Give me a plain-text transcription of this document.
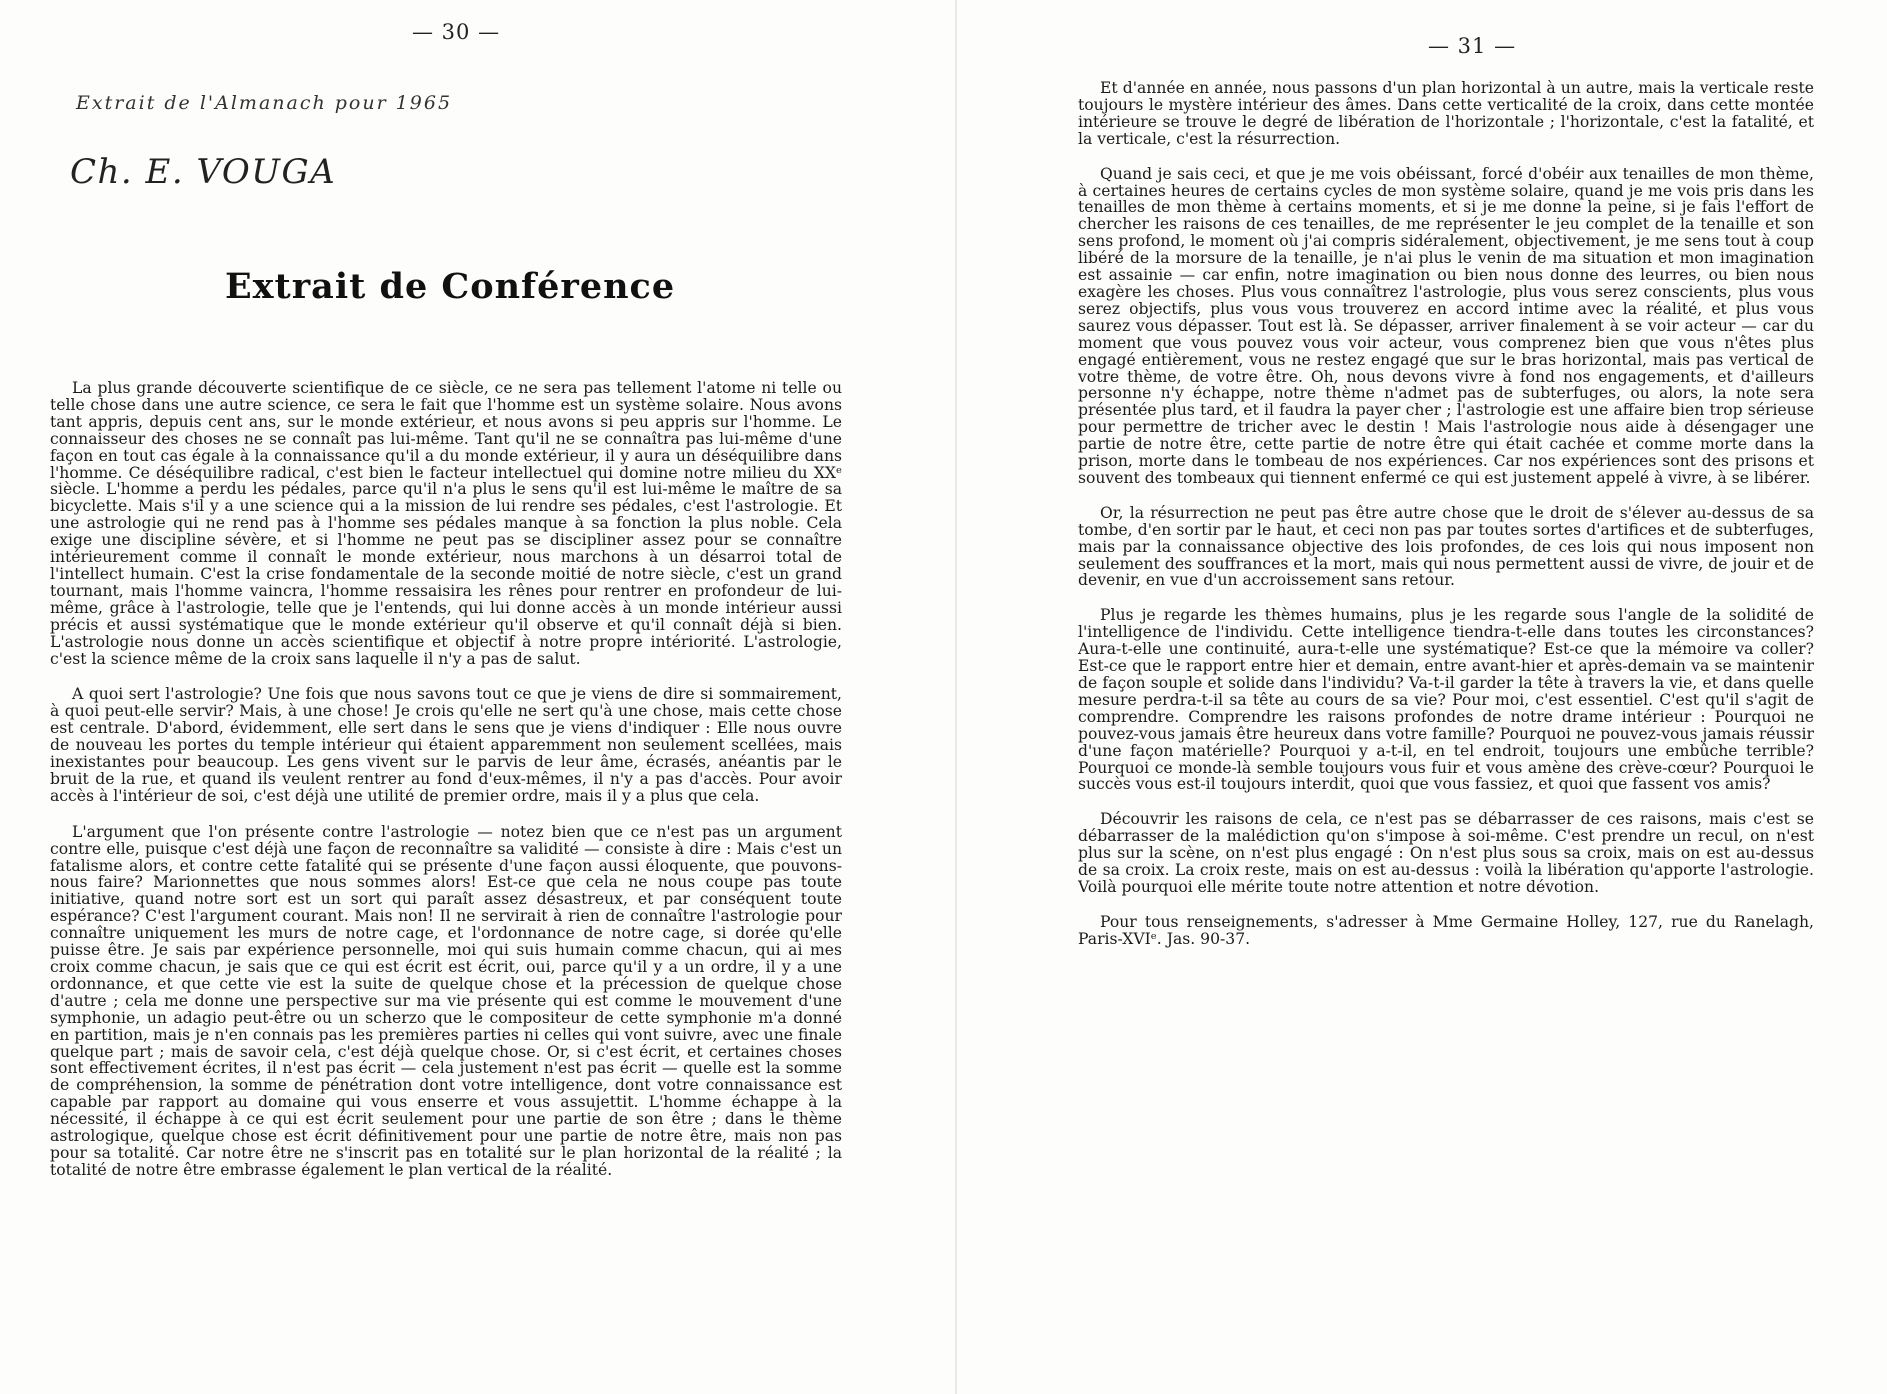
— 30 —
Extrait de l'Almanach pour 1965
Ch. E. VOUGA
Extrait de Conférence

La plus grande découverte scientifique de ce siècle, ce ne sera pas tellement l'atome ni telle ou telle chose dans une autre science, ce sera le fait que l'homme est un système solaire. Nous avons tant appris, depuis cent ans, sur le monde extérieur, et nous avons si peu appris sur l'homme. Le connaisseur des choses ne se connaît pas lui-même. Tant qu'il ne se connaîtra pas lui-même d'une façon en tout cas égale à la connaissance qu'il a du monde extérieur, il y aura un déséquilibre dans l'homme. Ce déséquilibre radical, c'est bien le facteur intellectuel qui domine notre milieu du XXᵉ siècle. L'homme a perdu les pédales, parce qu'il n'a plus le sens qu'il est lui-même le maître de sa bicyclette. Mais s'il y a une science qui a la mission de lui rendre ses pédales, c'est l'astrologie. Et une astrologie qui ne rend pas à l'homme ses pédales manque à sa fonction la plus noble. Cela exige une discipline sévère, et si l'homme ne peut pas se discipliner assez pour se connaître intérieurement comme il connaît le monde extérieur, nous marchons à un désarroi total de l'intellect humain. C'est la crise fondamentale de la seconde moitié de notre siècle, c'est un grand tournant, mais l'homme vaincra, l'homme ressaisira les rênes pour rentrer en profondeur de lui-même, grâce à l'astrologie, telle que je l'entends, qui lui donne accès à un monde intérieur aussi précis et aussi systématique que le monde extérieur qu'il observe et qu'il connaît déjà si bien. L'astrologie nous donne un accès scientifique et objectif à notre propre intériorité. L'astrologie, c'est la science même de la croix sans laquelle il n'y a pas de salut.

A quoi sert l'astrologie? Une fois que nous savons tout ce que je viens de dire si sommairement, à quoi peut-elle servir? Mais, à une chose! Je crois qu'elle ne sert qu'à une chose, mais cette chose est centrale. D'abord, évidemment, elle sert dans le sens que je viens d'indiquer : Elle nous ouvre de nouveau les portes du temple intérieur qui étaient apparemment non seulement scellées, mais inexistantes pour beaucoup. Les gens vivent sur le parvis de leur âme, écrasés, anéantis par le bruit de la rue, et quand ils veulent rentrer au fond d'eux-mêmes, il n'y a pas d'accès. Pour avoir accès à l'intérieur de soi, c'est déjà une utilité de premier ordre, mais il y a plus que cela.

L'argument que l'on présente contre l'astrologie — notez bien que ce n'est pas un argument contre elle, puisque c'est déjà une façon de reconnaître sa validité — consiste à dire : Mais c'est un fatalisme alors, et contre cette fatalité qui se présente d'une façon aussi éloquente, que pouvons-nous faire? Marionnettes que nous sommes alors! Est-ce que cela ne nous coupe pas toute initiative, quand notre sort est un sort qui paraît assez désastreux, et par conséquent toute espérance? C'est l'argument courant. Mais non! Il ne servirait à rien de connaître l'astrologie pour connaître uniquement les murs de notre cage, et l'ordonnance de notre cage, si dorée qu'elle puisse être. Je sais par expérience personnelle, moi qui suis humain comme chacun, qui ai mes croix comme chacun, je sais que ce qui est écrit est écrit, oui, parce qu'il y a un ordre, il y a une ordonnance, et que cette vie est la suite de quelque chose et la précession de quelque chose d'autre ; cela me donne une perspective sur ma vie présente qui est comme le mouvement d'une symphonie, un adagio peut-être ou un scherzo que le compositeur de cette symphonie m'a donné en partition, mais je n'en connais pas les premières parties ni celles qui vont suivre, avec une finale quelque part ; mais de savoir cela, c'est déjà quelque chose. Or, si c'est écrit, et certaines choses sont effectivement écrites, il n'est pas écrit — cela justement n'est pas écrit — quelle est la somme de compréhension, la somme de pénétration dont votre intelligence, dont votre connaissance est capable par rapport au domaine qui vous enserre et vous assujettit. L'homme échappe à la nécessité, il échappe à ce qui est écrit seulement pour une partie de son être ; dans le thème astrologique, quelque chose est écrit définitivement pour une partie de notre être, mais non pas pour sa totalité. Car notre être ne s'inscrit pas en totalité sur le plan horizontal de la réalité ; la totalité de notre être embrasse également le plan vertical de la réalité.

— 31 —

Et d'année en année, nous passons d'un plan horizontal à un autre, mais la verticale reste toujours le mystère intérieur des âmes. Dans cette verticalité de la croix, dans cette montée intérieure se trouve le degré de libération de l'horizontale ; l'horizontale, c'est la fatalité, et la verticale, c'est la résurrection.

Quand je sais ceci, et que je me vois obéissant, forcé d'obéir aux tenailles de mon thème, à certaines heures de certains cycles de mon système solaire, quand je me vois pris dans les tenailles de mon thème à certains moments, et si je me donne la peine, si je fais l'effort de chercher les raisons de ces tenailles, de me représenter le jeu complet de la tenaille et son sens profond, le moment où j'ai compris sidéralement, objectivement, je me sens tout à coup libéré de la morsure de la tenaille, je n'ai plus le venin de ma situation et mon imagination est assainie — car enfin, notre imagination ou bien nous donne des leurres, ou bien nous exagère les choses. Plus vous connaîtrez l'astrologie, plus vous serez conscients, plus vous serez objectifs, plus vous vous trouverez en accord intime avec la réalité, et plus vous saurez vous dépasser. Tout est là. Se dépasser, arriver finalement à se voir acteur — car du moment que vous pouvez vous voir acteur, vous comprenez bien que vous n'êtes plus engagé entièrement, vous ne restez engagé que sur le bras horizontal, mais pas vertical de votre thème, de votre être. Oh, nous devons vivre à fond nos engagements, et d'ailleurs personne n'y échappe, notre thème n'admet pas de subterfuges, ou alors, la note sera présentée plus tard, et il faudra la payer cher ; l'astrologie est une affaire bien trop sérieuse pour permettre de tricher avec le destin ! Mais l'astrologie nous aide à désengager une partie de notre être, cette partie de notre être qui était cachée et comme morte dans la prison, morte dans le tombeau de nos expériences. Car nos expériences sont des prisons et souvent des tombeaux qui tiennent enfermé ce qui est justement appelé à vivre, à se libérer.

Or, la résurrection ne peut pas être autre chose que le droit de s'élever au-dessus de sa tombe, d'en sortir par le haut, et ceci non pas par toutes sortes d'artifices et de subterfuges, mais par la connaissance objective des lois profondes, de ces lois qui nous imposent non seulement des souffrances et la mort, mais qui nous permettent aussi de vivre, de jouir et de devenir, en vue d'un accroissement sans retour.

Plus je regarde les thèmes humains, plus je les regarde sous l'angle de la solidité de l'intelligence de l'individu. Cette intelligence tiendra-t-elle dans toutes les circonstances? Aura-t-elle une continuité, aura-t-elle une systématique? Est-ce que la mémoire va coller? Est-ce que le rapport entre hier et demain, entre avant-hier et après-demain va se maintenir de façon souple et solide dans l'individu? Va-t-il garder la tête à travers la vie, et dans quelle mesure perdra-t-il sa tête au cours de sa vie? Pour moi, c'est essentiel. C'est qu'il s'agit de comprendre. Comprendre les raisons profondes de notre drame intérieur : Pourquoi ne pouvez-vous jamais être heureux dans votre famille? Pourquoi ne pouvez-vous jamais réussir d'une façon matérielle? Pourquoi y a-t-il, en tel endroit, toujours une embûche terrible? Pourquoi ce monde-là semble toujours vous fuir et vous amène des crève-cœur? Pourquoi le succès vous est-il toujours interdit, quoi que vous fassiez, et quoi que fassent vos amis?

Découvrir les raisons de cela, ce n'est pas se débarrasser de ces raisons, mais c'est se débarrasser de la malédiction qu'on s'impose à soi-même. C'est prendre un recul, on n'est plus sur la scène, on n'est plus engagé : On n'est plus sous sa croix, mais on est au-dessus de sa croix. La croix reste, mais on est au-dessus : voilà la libération qu'apporte l'astrologie. Voilà pourquoi elle mérite toute notre attention et notre dévotion.

Pour tous renseignements, s'adresser à Mme Germaine Holley, 127, rue du Ranelagh, Paris-XVIᵉ. Jas. 90-37.
